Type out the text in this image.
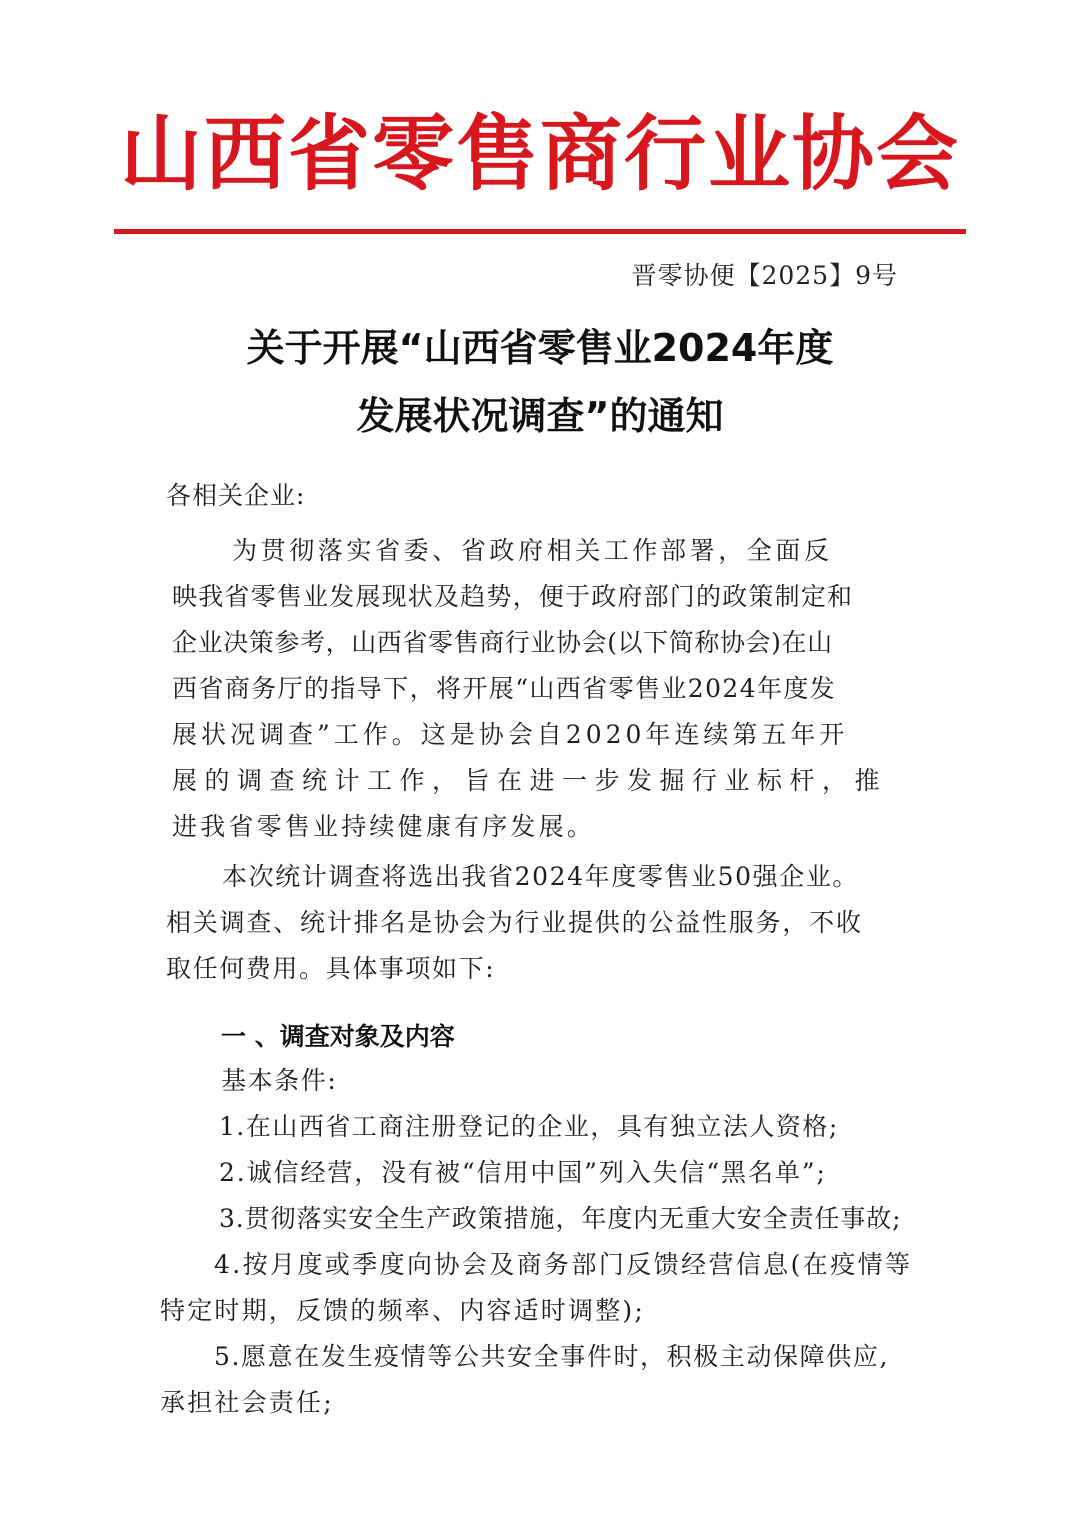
山西省零售商行业协会
晋零协便【2025】9号
关于开展“山西省零售业2024年度
发展状况调查”的通知
各相关企业:
为贯彻落实省委、省政府相关工作部署，全面反
映我省零售业发展现状及趋势，便于政府部门的政策制定和
企业决策参考，山西省零售商行业协会(以下简称协会)在山
西省商务厅的指导下，将开展“山西省零售业2024年度发
展状况调查”工作。这是协会自2020年连续第五年开
展的调查统计工作，旨在进一步发掘行业标杆，推
进我省零售业持续健康有序发展。
本次统计调查将选出我省2024年度零售业50强企业。
相关调查、统计排名是协会为行业提供的公益性服务，不收
取任何费用。具体事项如下:
一 、调查对象及内容
基本条件:
1.在山西省工商注册登记的企业，具有独立法人资格;
2.诚信经营，没有被“信用中国”列入失信“黑名单”;
3.贯彻落实安全生产政策措施，年度内无重大安全责任事故;
4.按月度或季度向协会及商务部门反馈经营信息(在疫情等
特定时期，反馈的频率、内容适时调整);
5.愿意在发生疫情等公共安全事件时，积极主动保障供应,
承担社会责任;
